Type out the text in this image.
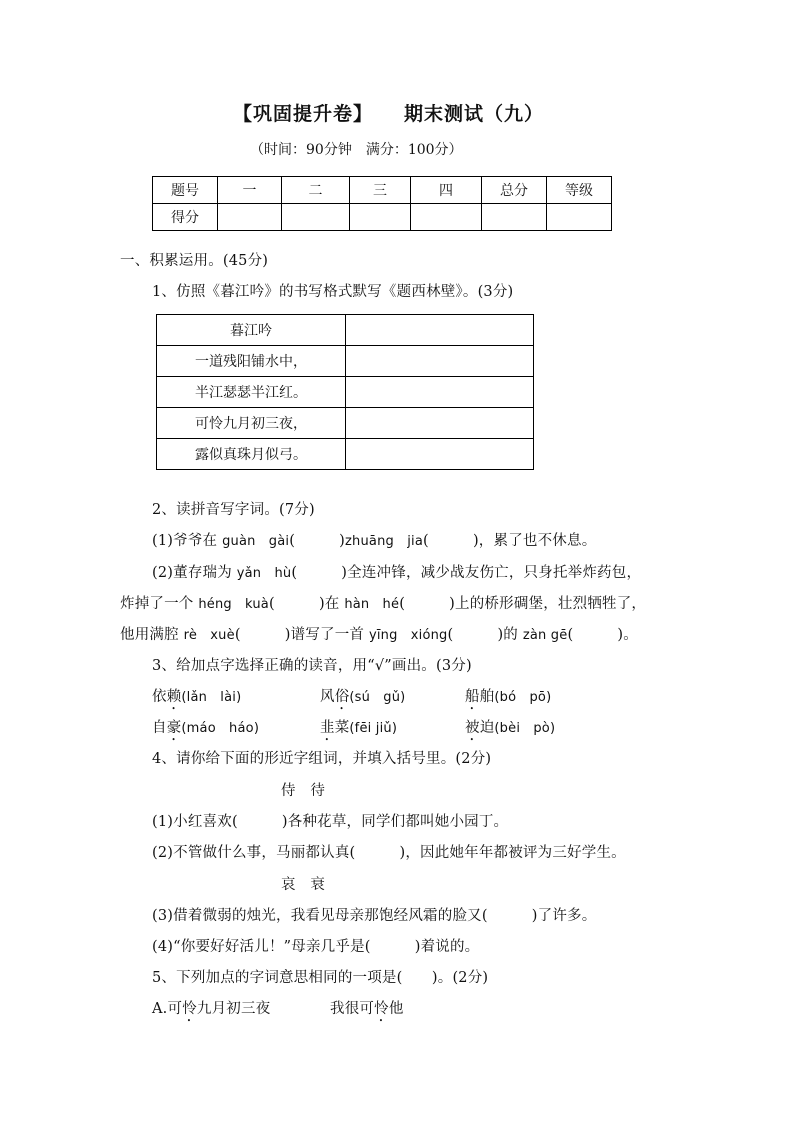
【巩固提升卷】 期末测试（九）
（时间：90分钟　满分：100分）
题号	一	二	三	四	总分	等级
得分						
一、积累运用。(45分)
1、仿照《暮江吟》的书写格式默写《题西林壁》。(3分)
暮江吟	
一道残阳铺水中，	
半江瑟瑟半江红。	
可怜九月初三夜，	
露似真珠月似弓。	
2、读拼音写字词。(7分)
(1)爷爷在 guàn　gài(　　　)zhuāng　jia(　　　)，累了也不休息。
(2)董存瑞为 yǎn　hù(　　　)全连冲锋，减少战友伤亡，只身托举炸药包，
炸掉了一个 héng　kuà(　　　)在 hàn　hé(　　　)上的桥形碉堡，壮烈牺牲了，
他用满腔 rè　xuè(　　　)谱写了一首 yīng　xióng(　　　)的 zàn gē(　　　)。
3、给加点字选择正确的读音，用“√”画出。(3分)
依赖(lǎn　lài)	风俗(sú　gǔ)	船舶(bó　pō)
自豪(máo　háo)	韭菜(fēi jiǔ)	被迫(bèi　pò)
4、请你给下面的形近字组词，并填入括号里。(2分)
侍　待
(1)小红喜欢(　　　)各种花草，同学们都叫她小园丁。
(2)不管做什么事，马丽都认真(　　　)，因此她年年都被评为三好学生。
哀　衰
(3)借着微弱的烛光，我看见母亲那饱经风霜的脸又(　　　)了许多。
(4)“你要好好活儿！”母亲几乎是(　　　)着说的。
5、下列加点的字词意思相同的一项是(　　)。(2分)
A.可怜九月初三夜	我很可怜他
